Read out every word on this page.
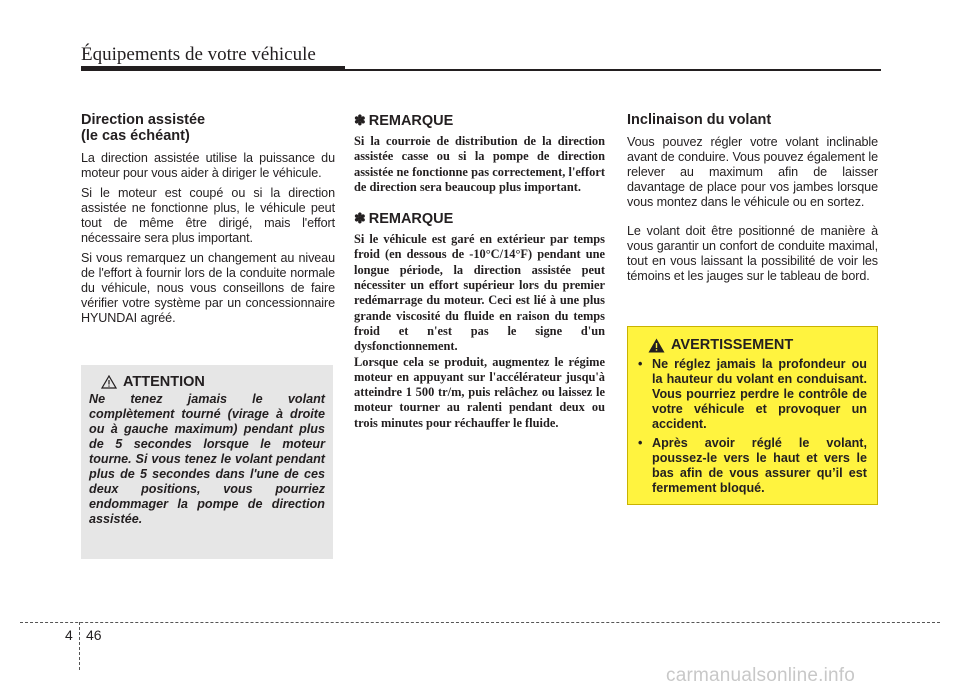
Équipements de votre véhicule
Direction assistée
(le cas échéant)

La direction assistée utilise la puissance du moteur pour vous aider à diriger le véhicule.

Si le moteur est coupé ou si la direction assistée ne fonctionne plus, le véhicule peut tout de même être dirigé, mais l'effort nécessaire sera plus important.

Si vous remarquez un changement au niveau de l'effort à fournir lors de la conduite normale du véhicule, nous vous conseillons de faire vérifier votre système par un concessionnaire HYUNDAI agréé.

ATTENTION

Ne tenez jamais le volant complètement tourné (virage à droite ou à gauche maximum) pendant plus de 5 secondes lorsque le moteur tourne. Si vous tenez le volant pendant plus de 5 secondes dans l'une de ces deux positions, vous pourriez endommager la pompe de direction assistée.

✽ REMARQUE

Si la courroie de distribution de la direction assistée casse ou si la pompe de direction assistée ne fonctionne pas correctement, l'effort de direction sera beaucoup plus important.

✽ REMARQUE

Si le véhicule est garé en extérieur par temps froid (en dessous de -10°C/14°F) pendant une longue période, la direction assistée peut nécessiter un effort supérieur lors du premier redémarrage du moteur. Ceci est lié à une plus grande viscosité du fluide en raison du temps froid et n'est pas le signe d'un dysfonctionnement.

Lorsque cela se produit, augmentez le régime moteur en appuyant sur l'accélérateur jusqu'à atteindre 1 500 tr/m, puis relâchez ou laissez le moteur tourner au ralenti pendant deux ou trois minutes pour réchauffer le fluide.

Inclinaison du volant

Vous pouvez régler votre volant inclinable avant de conduire. Vous pouvez également le relever au maximum afin de laisser davantage de place pour vos jambes lorsque vous montez dans le véhicule ou en sortez.

Le volant doit être positionné de manière à vous garantir un confort de conduite maximal, tout en vous laissant la possibilité de voir les témoins et les jauges sur le tableau de bord.

AVERTISSEMENT
• Ne réglez jamais la profondeur ou la hauteur du volant en conduisant. Vous pourriez perdre le contrôle de votre véhicule et provoquer un accident.
• Après avoir réglé le volant, poussez-le vers le haut et vers le bas afin de vous assurer qu’il est fermement bloqué.
4 46
carmanualsonline.info
